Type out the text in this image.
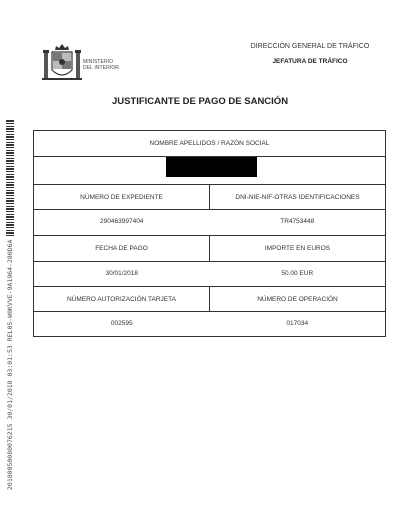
MINISTERIO
DEL INTERIOR
DIRECCIÓN GENERAL DE TRÁFICO
JEFATURA DE TRÁFICO
JUSTIFICANTE DE PAGO DE SANCIÓN
20180050080076215 30/01/2018 03:01:53 REL05-W0KVVE-9A1964-280D6A
NOMBRE APELLIDOS / RAZÓN SOCIAL
NÚMERO DE EXPEDIENTE	DNI-NIE-NIF-OTRAS IDENTIFICACIONES
290463997404	TR4753448
FECHA DE PAGO	IMPORTE EN EUROS
30/01/2018	50.00 EUR
NÚMERO AUTORIZACIÓN TARJETA	NÚMERO DE OPERACIÓN
002595	017034
